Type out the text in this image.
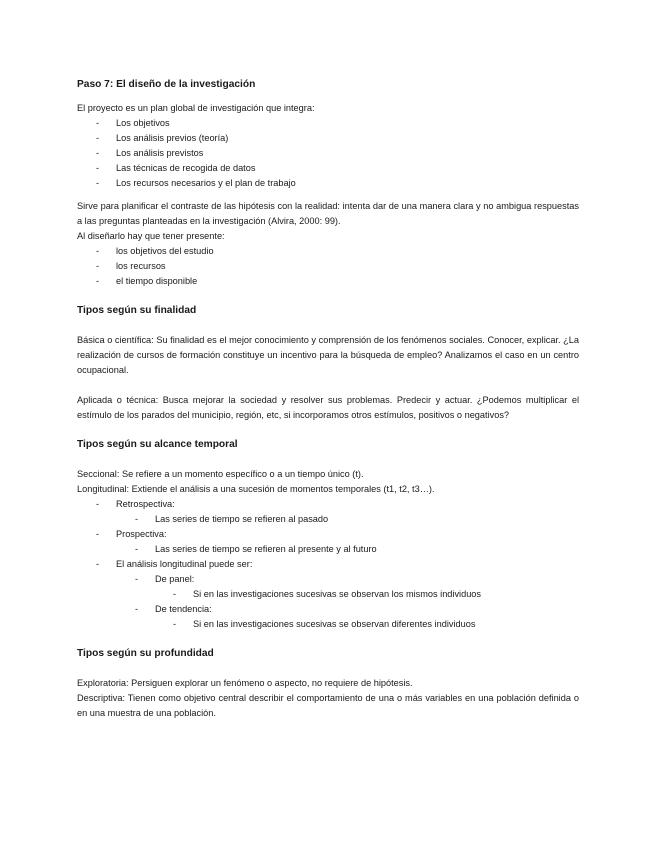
Paso 7: El diseño de la investigación

El proyecto es un plan global de investigación que integra:

- Los objetivos
- Los análisis previos (teoría)
- Los análisis previstos
- Las técnicas de recogida de datos
- Los recursos necesarios y el plan de trabajo

Sirve para planificar el contraste de las hipótesis con la realidad: intenta dar de una manera clara y no ambigua respuestas a las preguntas planteadas en la investigación (Alvira, 2000: 99).

Al diseñarlo hay que tener presente:

- los objetivos del estudio
- los recursos
- el tiempo disponible
Tipos según su finalidad

Básica o científica: Su finalidad es el mejor conocimiento y comprensión de los fenómenos sociales. Conocer, explicar. ¿La realización de cursos de formación constituye un incentivo para la búsqueda de empleo? Analizamos el caso en un centro ocupacional.

Aplicada o técnica: Busca mejorar la sociedad y resolver sus problemas. Predecir y actuar. ¿Podemos multiplicar el estímulo de los parados del municipio, región, etc, si incorporamos otros estímulos, positivos o negativos?

Tipos según su alcance temporal

Seccional: Se refiere a un momento específico o a un tiempo único (t).

Longitudinal: Extiende el análisis a una sucesión de momentos temporales (t1, t2, t3…).

- Retrospectiva:
- Las series de tiempo se refieren al pasado
- Prospectiva:
- Las series de tiempo se refieren al presente y al futuro
- El análisis longitudinal puede ser:
- De panel:
- Si en las investigaciones sucesivas se observan los mismos individuos
- De tendencia:
- Si en las investigaciones sucesivas se observan diferentes individuos
Tipos según su profundidad

Exploratoria: Persiguen explorar un fenómeno o aspecto, no requiere de hipótesis.

Descriptiva: Tienen como objetivo central describir el comportamiento de una o más variables en una población definida o en una muestra de una población.
